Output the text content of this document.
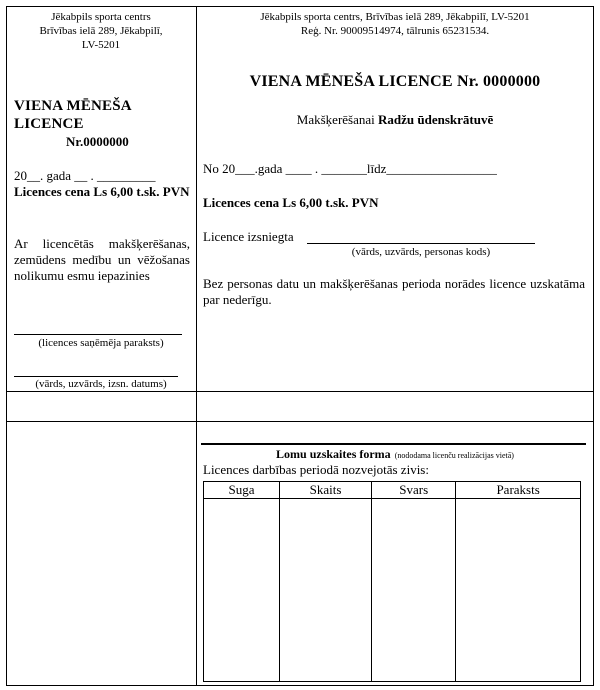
Jēkabpils sporta centrs
Brīvības ielā 289, Jēkabpilī,
LV-5201
VIENA MĒNEŠA
LICENCE
Nr.0000000
20__. gada __ . _________
Licences cena Ls 6,00 t.sk. PVN
Ar licencētās makšķerēšanas, zemūdens medību un vēžošanas nolikumu esmu iepazinies
(licences saņēmēja paraksts)
(vārds, uzvārds, izsn. datums)
Jēkabpils sporta centrs, Brīvības ielā 289, Jēkabpilī, LV-5201
Reģ. Nr. 90009514974, tālrunis 65231534.
VIENA MĒNEŠA LICENCE Nr. 0000000
Makšķerēšanai Radžu ūdenskrātuvē
No 20___.gada ____ . _______līdz_________________
Licences cena Ls 6,00 t.sk. PVN
Licence izsniegta
(vārds, uzvārds, personas kods)
Bez personas datu un makšķerēšanas perioda norādes licence uzskatāma par nederīgu.
Lomu uzskaites forma (nododama licenču realizācijas vietā)
Licences darbības periodā nozvejotās zivis:
Suga	Skaits	Svars	Paraksts
